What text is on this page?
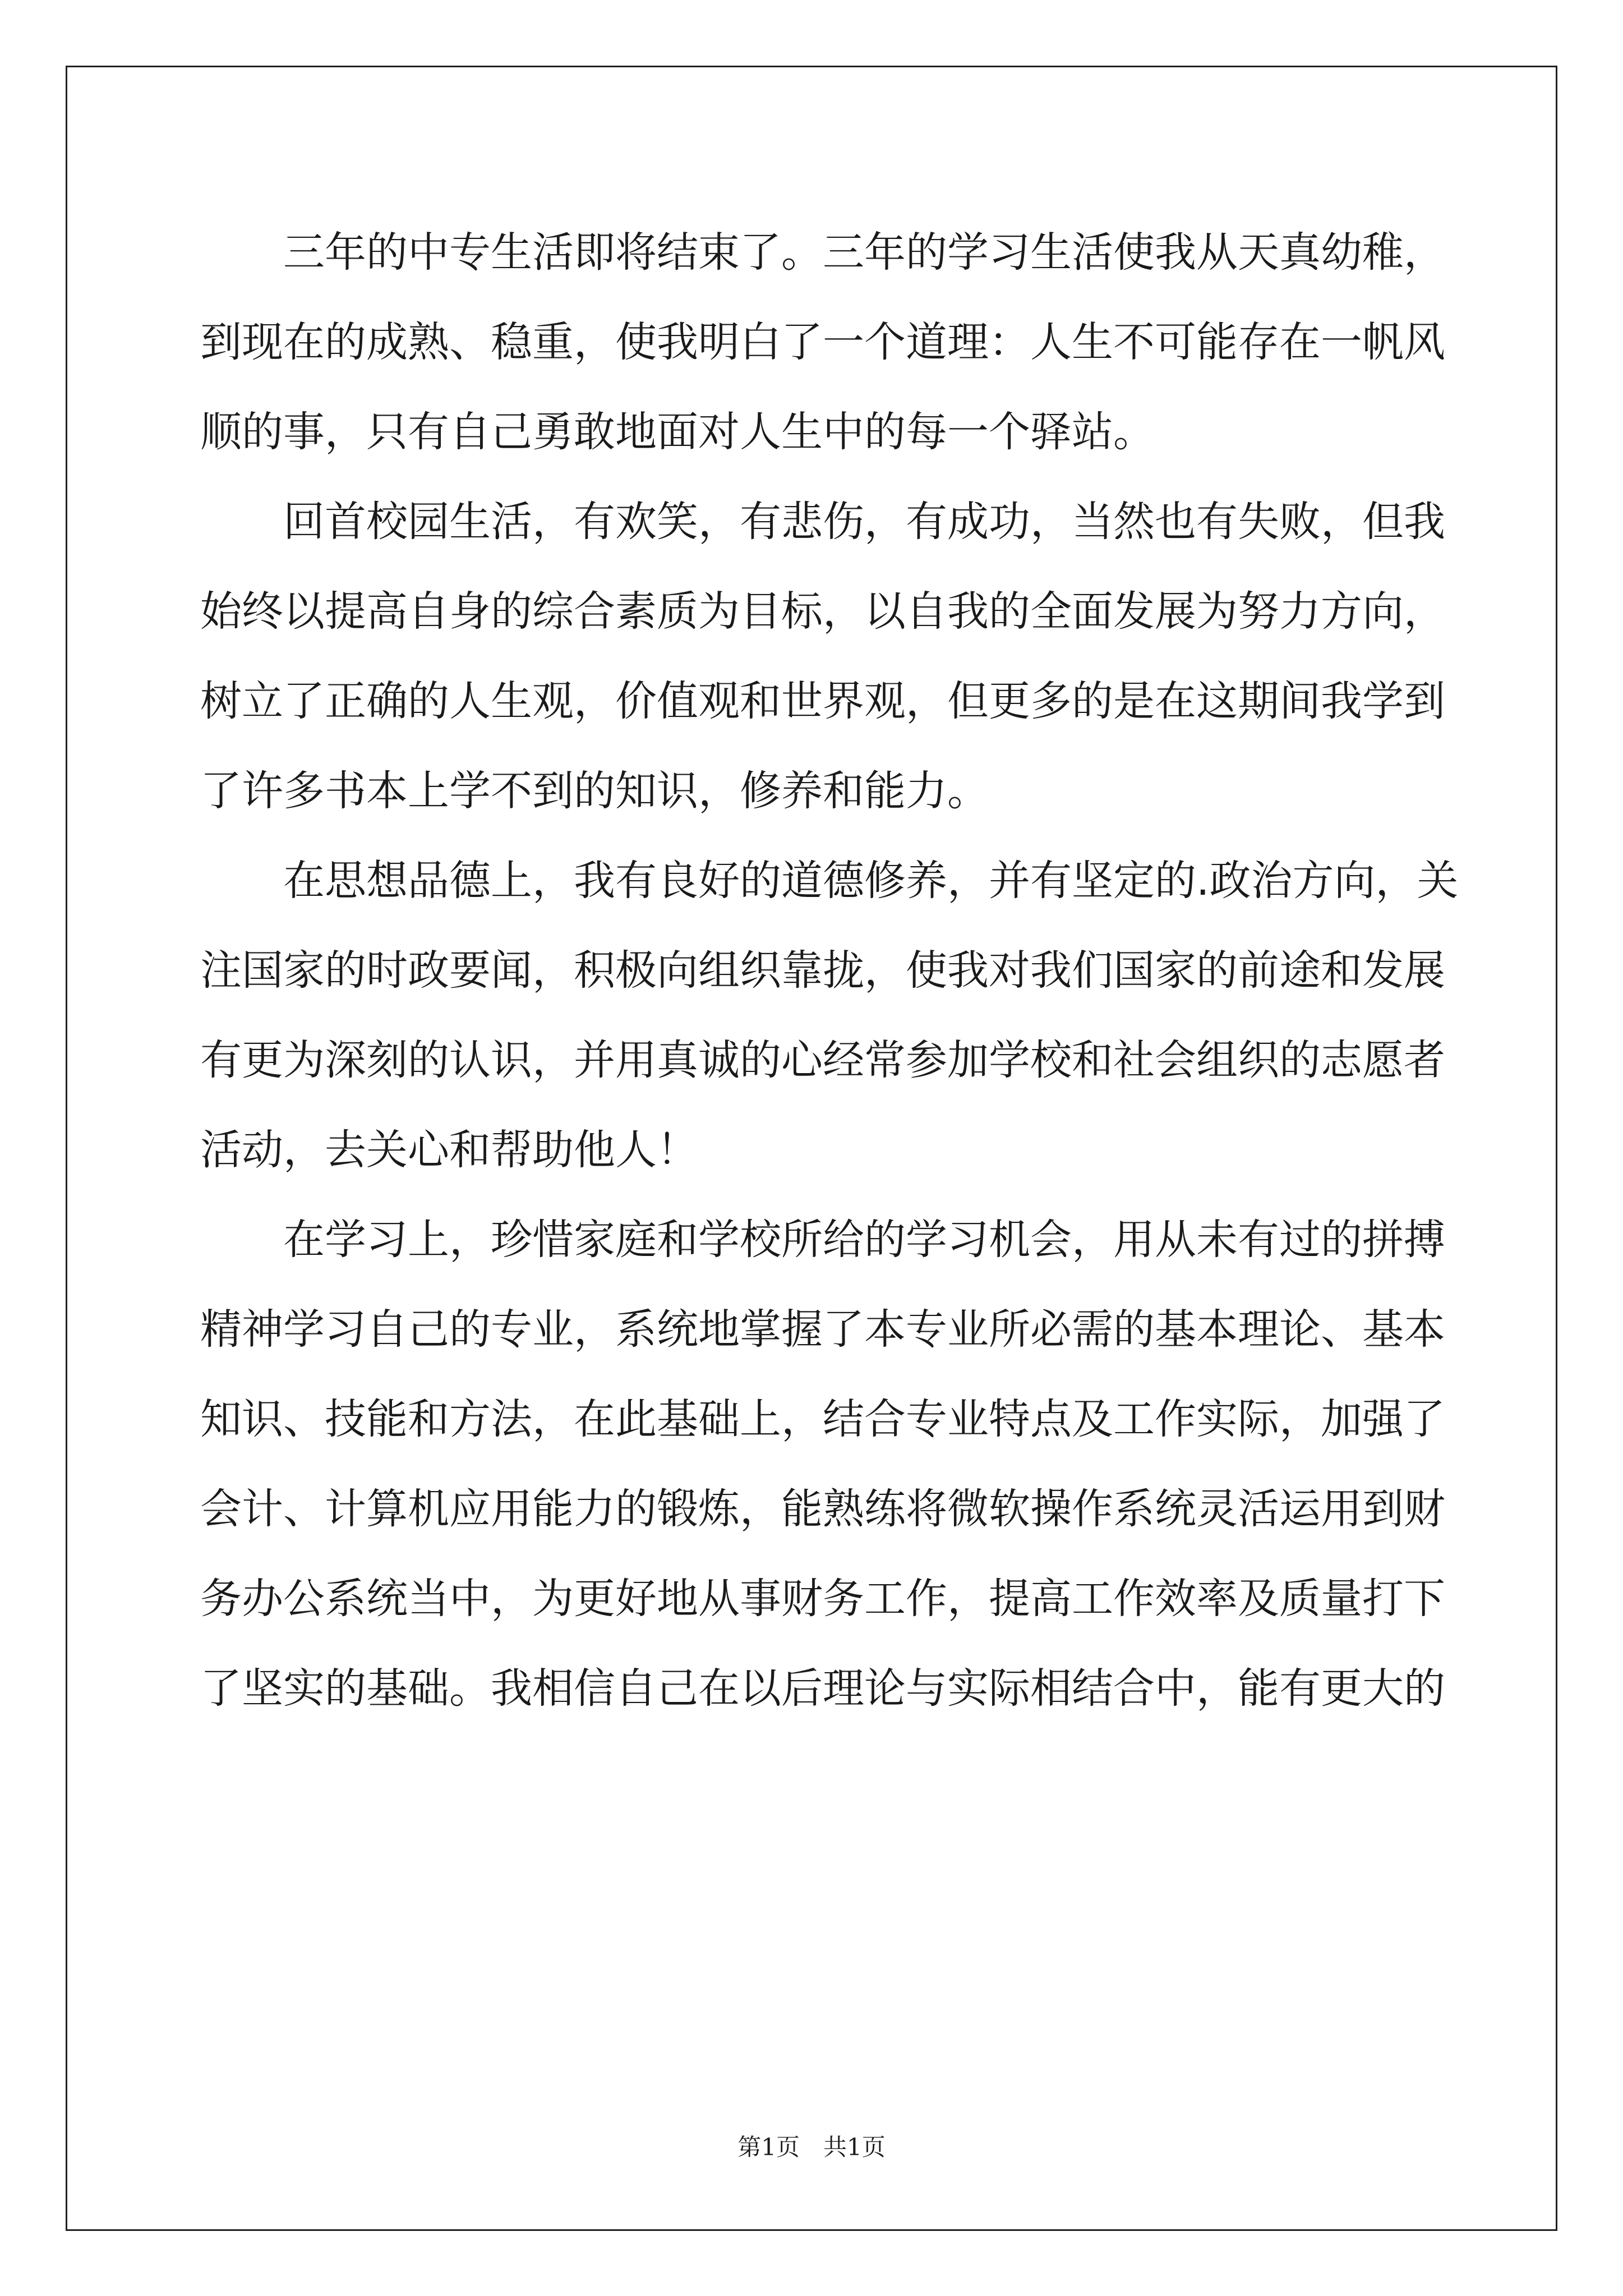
三年的中专生活即将结束了。三年的学习生活使我从天真幼稚，
到现在的成熟、稳重，使我明白了一个道理：人生不可能存在一帆风
顺的事，只有自己勇敢地面对人生中的每一个驿站。
回首校园生活，有欢笑，有悲伤，有成功，当然也有失败，但我
始终以提高自身的综合素质为目标，以自我的全面发展为努力方向，
树立了正确的人生观，价值观和世界观，但更多的是在这期间我学到
了许多书本上学不到的知识，修养和能力。
在思想品德上，我有良好的道德修养，并有坚定的.政治方向，关
注国家的时政要闻，积极向组织靠拢，使我对我们国家的前途和发展
有更为深刻的认识，并用真诚的心经常参加学校和社会组织的志愿者
活动，去关心和帮助他人！
在学习上，珍惜家庭和学校所给的学习机会，用从未有过的拼搏
精神学习自己的专业，系统地掌握了本专业所必需的基本理论、基本
知识、技能和方法，在此基础上，结合专业特点及工作实际，加强了
会计、计算机应用能力的锻炼，能熟练将微软操作系统灵活运用到财
务办公系统当中，为更好地从事财务工作，提高工作效率及质量打下
了坚实的基础。我相信自己在以后理论与实际相结合中，能有更大的
第1页　共1页
